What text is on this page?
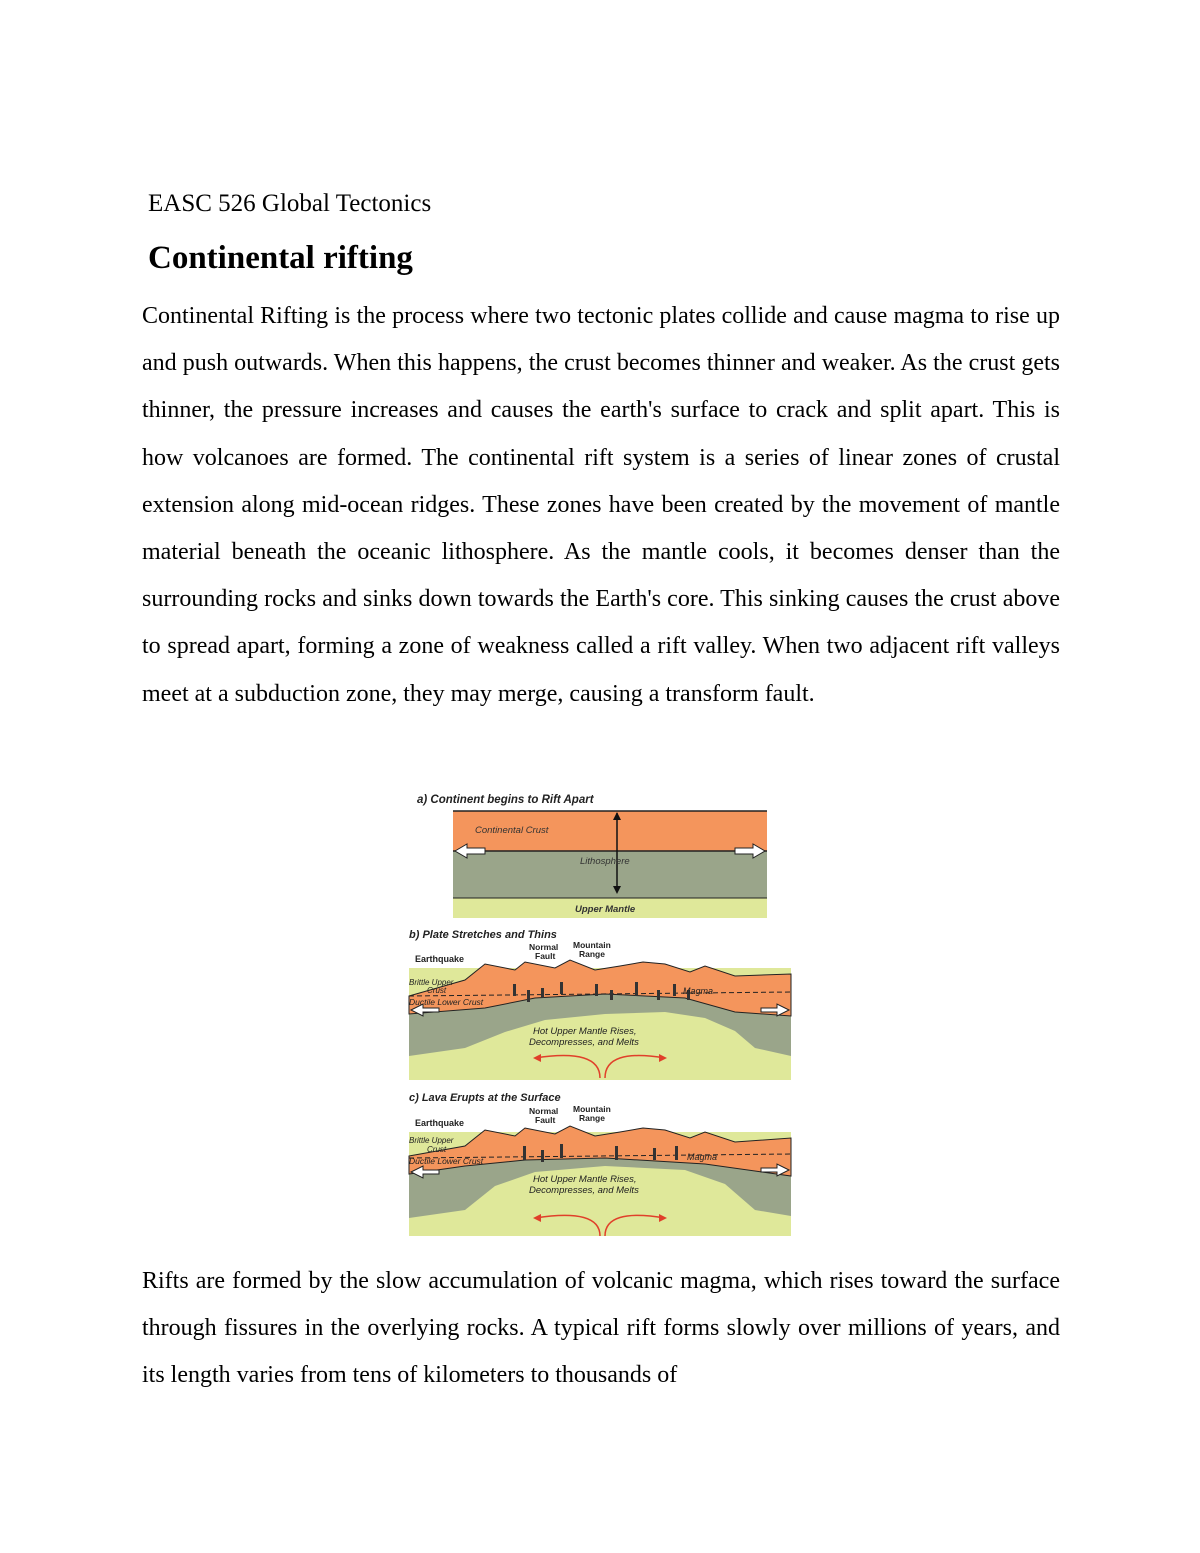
EASC 526 Global Tectonics
Continental rifting
Continental Rifting is the process where two tectonic plates collide and cause magma to rise up and push outwards. When this happens, the crust becomes thinner and weaker. As the crust gets thinner, the pressure increases and causes the earth's surface to crack and split apart. This is how volcanoes are formed. The continental rift system is a series of linear zones of crustal extension along mid-ocean ridges. These zones have been created by the movement of mantle material beneath the oceanic lithosphere. As the mantle cools, it becomes denser than the surrounding rocks and sinks down towards the Earth's core. This sinking causes the crust above to spread apart, forming a zone of weakness called a rift valley. When two adjacent rift valleys meet at a subduction zone, they may merge, causing a transform fault.
a) Continent begins to Rift Apart
Continental Crust
Lithosphere
Upper Mantle
b) Plate Stretches and Thins
Earthquake
Normal
Fault
Mountain
Range
Brittle Upper
Crust
Ductile Lower Crust
Magma
Hot Upper Mantle Rises,
Decompresses, and Melts
c) Lava Erupts at the Surface
Earthquake
Normal
Fault
Mountain
Range
Brittle Upper
Crust
Ductile Lower Crust	Magma
Hot Upper Mantle Rises,
Decompresses, and Melts
Rifts are formed by the slow accumulation of volcanic magma, which rises toward the surface through fissures in the overlying rocks. A typical rift forms slowly over millions of years, and its length varies from tens of kilometers to thousands of
